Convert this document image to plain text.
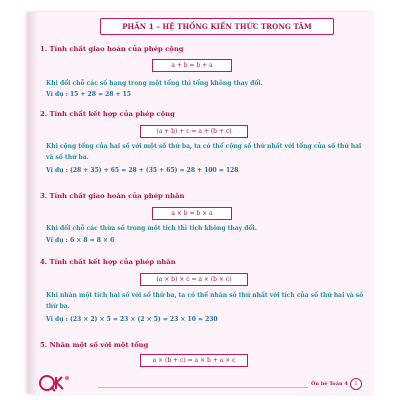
PHẦN 1 – HỆ THỐNG KIẾN THỨC TRỌNG TÂM
1. Tính chất giao hoán của phép cộng
a + b = b + a
Khi đổi chỗ các số hạng trong một tổng thì tổng không thay đổi.
Ví dụ : 15 + 28 = 28 + 15
2. Tính chất kết hợp của phép cộng
(a + b) + c = a + (b + c)
Khi cộng tổng của hai số với một số thứ ba, ta có thể cộng số thứ nhất với tổng của số thứ hai và số thứ ba.
Ví dụ : (28 + 35) + 65 = 28 + (35 + 65) = 28 + 100 = 128
3. Tính chất giao hoán của phép nhân
a × b = b × a
Khi đổi chỗ các thừa số trong một tích thì tích không thay đổi.
Ví dụ : 6 × 8 = 8 × 6
4. Tính chất kết hợp của phép nhân
(a × b) × c = a × (b × c)
Khi nhân một tích hai số với số thứ ba, ta có thể nhân số thứ nhất với tích của số thứ hai và số thứ ba.
Ví dụ : (23 × 2) × 5 = 23 × (2 × 5) = 23 × 10 = 230
5. Nhân một số với một tổng
a × (b + c) = a × b + a × c
Ôn hè Toán 4	1
